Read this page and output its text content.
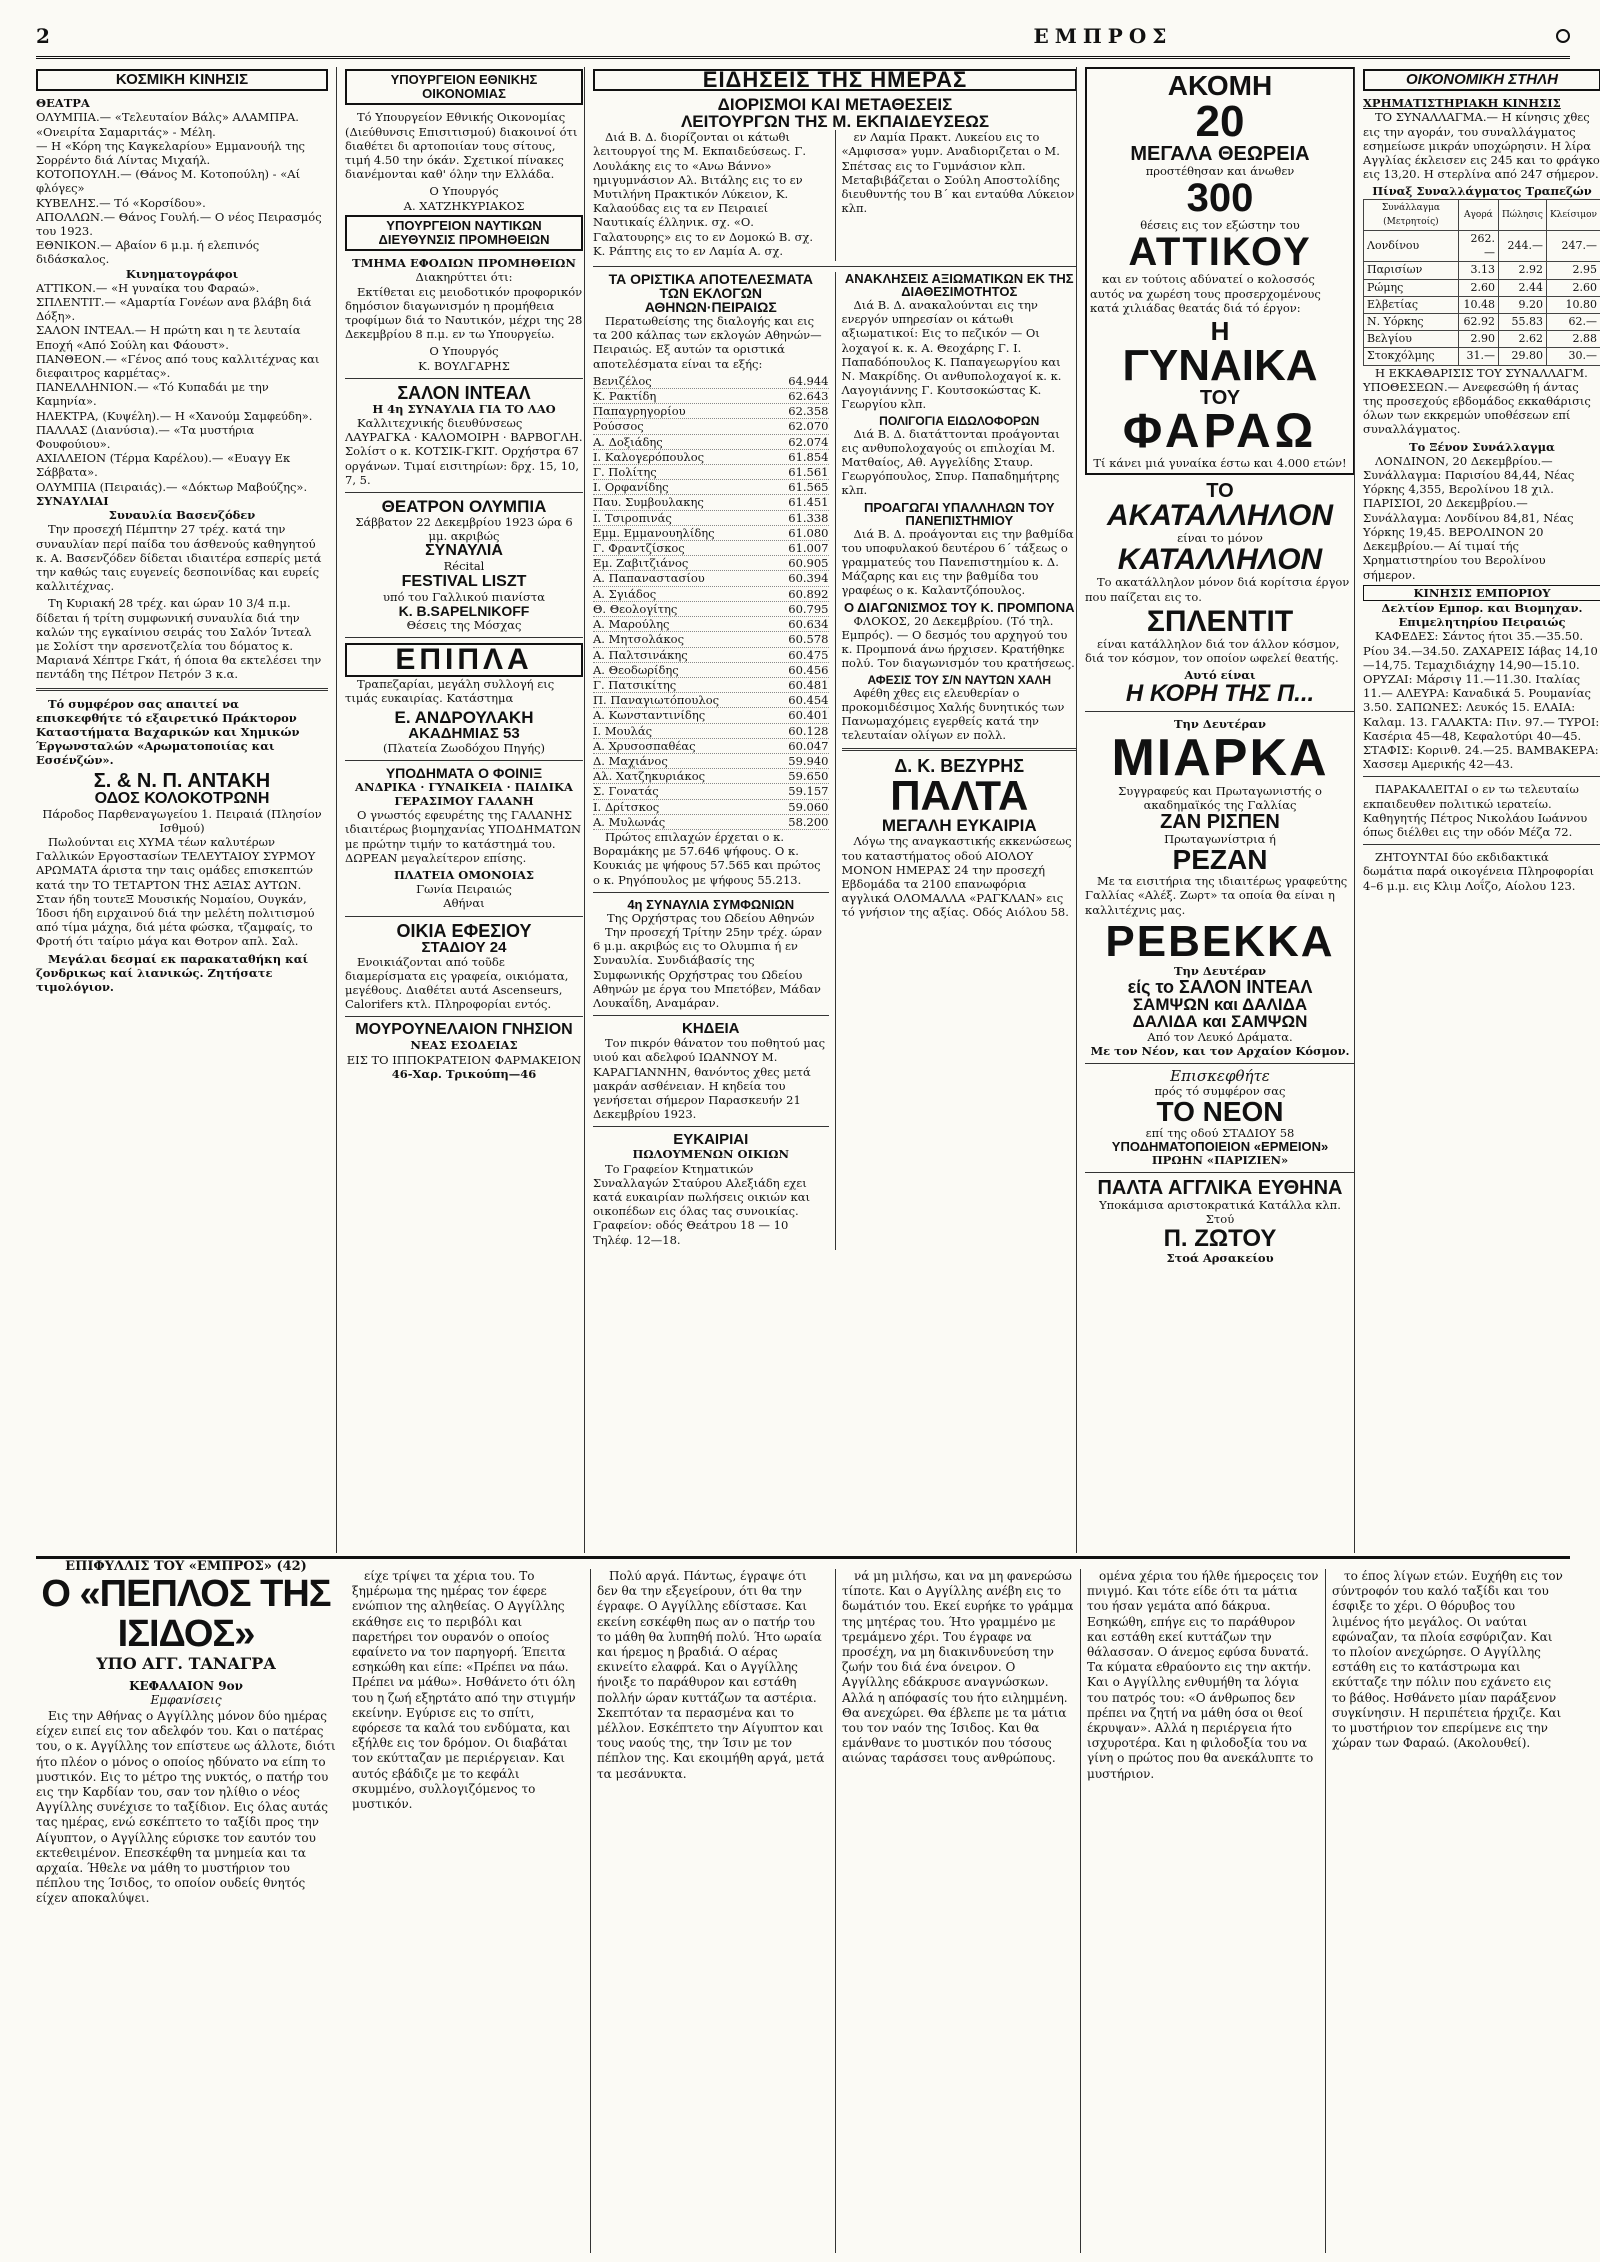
2	ΕΜΠΡΟΣ
ΚΟΣΜΙΚΗ ΚΙΝΗΣΙΣ
ΘΕΑΤΡΑ
ΟΛΥΜΠΙΑ.— «Τελευταίον Βάλς» ΑΛΑΜΠΡΑ. «Ονειρίτα Σαμαριτάς» - Μέλη.
— Η «Κόρη της Καγκελαρίου» Εμμανουήλ της Σορρέντο διά Λίντας Μιχαήλ.
ΚΟΤΟΠΟΥΛΗ.— (Θάνος Μ. Κοτοπούλη) - «Αί φλόγες»
ΚΥΒΕΛΗΣ.— Τό «Κορσίδου».
ΑΠΟΛΛΩΝ.— Θάνος Γουλή.— Ο νέος Πειρασμός του 1923.
ΕΘΝΙΚΟΝ.— Αβαίον 6 μ.μ. ή ελεπινός διδάσκαλος.
Κινηματογράφοι
ΑΤΤΙΚΟΝ.— «Η γυναίκα του Φαραώ».
ΣΠΛΕΝΤΙΤ.— «Αμαρτία Γονέων ανα βλάβη διά Δόξη».
ΣΑΛΟΝ ΙΝΤΕΑΛ.— Η πρώτη και η τε λευταία Εποχή «Από Σούλη και Φάουστ».
ΠΑΝΘΕΟΝ.— «Γένος από τους καλλιτέχνας και διεφαιτρος καρμέτας».
ΠΑΝΕΛΛΗΝΙΟΝ.— «Τό Κυπαδάι με την Καμηνία».
ΗΛΕΚΤΡΑ, (Κυψέλη).— Η «Χανούμ Σαμφεύδη».
ΠΑΛΛΑΣ (Διανύσια).— «Τα μυστήρια Φουφούιου».
ΑΧΙΛΛΕΙΟΝ (Τέρμα Καρέλου).— «Ευαγγ Εκ Σάββατα».
ΟΛΥΜΠΙΑ (Πειραιάς).— «Δόκτωρ Μαβούζης».
ΣΥΝΑΥΛΙΑΙ
Συναυλία Βασενζόδεν

Την προσεχή Πέμπτην 27 τρέχ. κατά την συναυλίαν περί παίδα του άσθενούς καθηγητού κ. Α. Βασενζόδεν δίδεται ιδιαιτέρα εσπερίς μετά την καθώς ταις ευγενείς δεσποινίδας και ευρείς καλλιτέχνας.

Τη Κυριακή 28 τρέχ. και ώραν 10 3/4 π.μ. δίδεται ή τρίτη συμφωνική συναυλία διά την καλών της εγκαίνιου σειράς του Σαλόν Ίντεαλ με Σολίστ την αρσενοτζελία του δόματος κ. Μαριανά Χέπτρε Γκάτ, ή όποια θα εκτελέσει την πεντάδη της Πέτρον Πετρόν 3 κ.α.

Τό συμφέρον σας απαιτεί να επισκεφθήτε τό εξαιρετικό Πράκτορον Καταστήματα Βαχαρικών και Χημικών Έργωνσταλών «Αρωματοποιίας και Εσσένζών».

Σ. & Ν. Π. ΑΝΤΑΚΗ
ΟΔΟΣ ΚΟΛΟΚΟΤΡΩΝΗ
Πάροδος Παρθεναγωγείου 1. Πειραιά (Πλησίον Ισθμού)

Πωλούνται εις ΧΥΜΑ τέων καλυτέρων Γαλλικών Εργοστασίων ΤΕΛΕΥΤΑΙΟΥ ΣΥΡΜΟΥ ΑΡΩΜΑΤΑ άριστα την ταις ομάδες επισκεπτών κατά την ΤΟ ΤΕΤΑΡΤΟΝ ΤΗΣ ΑΞΙΑΣ ΑΥΤΩΝ. Σταν ήδη τουτεΞ Μουσικής Νομαίου, Ουγκάν, Ίδοσι ήδη ειρχαινού διά την μελέτη πολιτισμού από τίμα μάχηα, διά μέτα φώσκα, τζαμφαίς, το Φροτή ότι ταίριο μάγα και Θοτρον απλ. Σαλ.

Μεγάλαι δεσμαί εκ παρακαταθήκη καί ζονδρικως καί λιανικώς. Ζητήσατε τιμολόγιον.

ΥΠΟΥΡΓΕΙΟΝ ΕΘΝΙΚΗΣ ΟΙΚΟΝΟΜΙΑΣ

Τό Υπουργείον Εθνικής Οικονομίας (Διεύθυνσις Επισιτισμού) διακοινοί ότι διαθέτει δι αρτοποιίαν τους σίτους, τιμή 4.50 την όκάν. Σχετικοί πίνακες διανέμονται καθ' όλην την Ελλάδα.

Ο Υπουργός
Α. ΧΑΤΖΗΚΥΡΙΑΚΟΣ
ΥΠΟΥΡΓΕΙΟΝ ΝΑΥΤΙΚΩΝ ΔΙΕΥΘΥΝΣΙΣ ΠΡΟΜΗΘΕΙΩΝ
ΤΜΗΜΑ ΕΦΟΔΙΩΝ ΠΡΟΜΗΘΕΙΩΝ
Διακηρύττει ότι:

Εκτίθεται εις μειοδοτικόν προφορικόν δημόσιον διαγωνισμόν η προμήθεια τροφίμων διά το Ναυτικόν, μέχρι της 28 Δεκεμβρίου 8 π.μ. εν τω Υπουργείω.

Ο Υπουργός
Κ. ΒΟΥΛΓΑΡΗΣ
ΣΑΛΟΝ ΙΝΤΕΑΛ
Η 4η ΣΥΝΑΥΛΙΑ ΓΙΑ ΤΟ ΛΑΟ

Καλλιτεχνικής διευθύνσεως ΛΑΥΡΑΓΚΑ · ΚΑΛΟΜΟΙΡΗ · ΒΑΡΒΟΓΛΗ. Σολίστ ο κ. ΚΟΤΣΙΚ-ΓΚΙΤ. Ορχήστρα 67 οργάνων. Τιμαί εισιτηρίων: δρχ. 15, 10, 7, 5.

ΘΕΑΤΡΟΝ ΟΛΥΜΠΙΑ
Σάββατον 22 Δεκεμβρίου 1923 ώρα 6 μμ. ακριβώς
ΣΥΝΑΥΛΙΑ
Récital
FESTIVAL LISZT
υπό του Γαλλικού πιανίστα
Κ. B.SAPELNIKOFF
Θέσεις της Μόσχας
ΕΠΙΠΛΑ

Τραπεζαρίαι, μεγάλη συλλογή εις τιμάς ευκαιρίας. Κατάστημα

Ε. ΑΝΔΡΟΥΛΑΚΗ
ΑΚΑΔΗΜΙΑΣ 53
(Πλατεία Ζωοδόχου Πηγής)
ΥΠΟΔΗΜΑΤΑ Ο ΦΟΙΝΙΞ
ΑΝΔΡΙΚΑ · ΓΥΝΑΙΚΕΙΑ · ΠΑΙΔΙΚΑ
ΓΕΡΑΣΙΜΟΥ ΓΑΛΑΝΗ

Ο γνωστός εφευρέτης της ΓΑΛΑΝΗΣ ιδιαιτέρως βιομηχανίας ΥΠΟΔΗΜΑΤΩΝ με πρώτην τιμήν το κατάστημά του. ΔΩΡΕΑΝ μεγαλείτερον επίσης.

ΠΛΑΤΕΙΑ ΟΜΟΝΟΙΑΣ
Γωνία Πειραιώς
Αθήναι
ΟΙΚΙΑ ΕΦΕΣΙΟΥ
ΣΤΑΔΙΟΥ 24

Ενοικιάζονται από τοῦδε διαμερίσματα εις γραφεία, οικιόματα, μεγέθους. Διαθέτει αυτά Ascenseurs, Calorifers κτλ. Πληροφορίαι εντός.

ΜΟΥΡΟΥΝΕΛΑΙΟΝ ΓΝΗΣΙΟΝ
ΝΕΑΣ ΕΣΟΔΕΙΑΣ
ΕΙΣ ΤΟ ΙΠΠΟΚΡΑΤΕΙΟΝ ΦΑΡΜΑΚΕΙΟΝ
46-Χαρ. Τρικούπη—46
ΕΙΔΗΣΕΙΣ ΤΗΣ ΗΜΕΡΑΣ
ΔΙΟΡΙΣΜΟΙ ΚΑΙ ΜΕΤΑΘΕΣΕΙΣ
ΛΕΙΤΟΥΡΓΩΝ ΤΗΣ Μ. ΕΚΠΑΙΔΕΥΣΕΩΣ

Διά Β. Δ. διορίζονται οι κάτωθι λειτουργοί της Μ. Εκπαιδεύσεως. Γ. Λουλάκης εις το «Ανω Βάννο» ημιγυμνάσιον Αλ. Βιτάλης εις το εν Μυτιλήνη Πρακτικόν Λύκειον, Κ. Καλαούδας εις τα εν Πειραιεί Ναυτικαίς έλληνικ. σχ. «Ο. Γαλατουρης» εις το εν Δομοκώ Β. σχ. Κ. Ράπτης εις το εν Λαμία Α. σχ.

εν Λαμία Πρακτ. Λυκείου εις το «Αμφισσα» γυμν. Αναδιοριζεται ο Μ. Σπέτσας εις το Γυμνάσιον κλπ. Μεταβιβάζεται ο Σούλη Αποστολίδης διευθυντής του Β΄ και ενταύθα Λύκειον κλπ.

ΤΑ ΟΡΙΣΤΙΚΑ ΑΠΟΤΕΛΕΣΜΑΤΑ ΤΩΝ ΕΚΛΟΓΩΝ ΑΘΗΝΩΝ·ΠΕΙΡΑΙΩΣ

Περατωθείσης της διαλογής και εις τα 200 κάλπας των εκλογών Αθηνών—Πειραιώς. Εξ αυτών τα οριστικά αποτελέσματα είναι τα εξής:

Βενιζέλος	64.944
Κ. Ρακτίδη	62.643
Παπαγρηγορίου	62.358
Ρούσσος	62.070
Α. Δοξιάδης	62.074
Ι. Καλογερόπουλος	61.854
Γ. Πολίτης	61.561
Ι. Ορφανίδης	61.565
Παυ. Συμβουλακης	61.451
Ι. Τσιροπινάς	61.338
Εμμ. Εμμανουηλίδης	61.080
Γ. Φραντζίσκος	61.007
Εμ. Ζαβιτζιάνος	60.905
Α. Παπαναστασίου	60.394
Α. Σγιάδος	60.892
Θ. Θεολογίτης	60.795
Α. Μαρούλης	60.634
Α. Μητσολάκος	60.578
Α. Παλτσινάκης	60.475
Α. Θεοδωρίδης	60.456
Γ. Πατσικίτης	60.481
Π. Παναγιωτόπουλος	60.454
Α. Κωνσταντινίδης	60.401
Ι. Μουλάς	60.128
Α. Χρυσοσπαθέας	60.047
Δ. Μαχιάνος	59.940
Αλ. Χατζηκυριάκος	59.650
Σ. Γονατάς	59.157
Ι. Δρίτσκος	59.060
Α. Μυλωνάς	58.200

Πρώτος επιλαχών έρχεται ο κ. Βοραμάκης με 57.646 ψήφους. Ο κ. Κουκιάς με ψήφους 57.565 και πρώτος ο κ. Ρηγόπουλος με ψήφους 55.213.

4η ΣΥΝΑΥΛΙΑ ΣΥΜΦΩΝΙΩΝ
Της Ορχήστρας του Ωδείου Αθηνών

Την προσεχή Τρίτην 25ην τρέχ. ώραν 6 μ.μ. ακριβώς εις το Ολυμπια ή εν Συναυλία. Συνδιάβασίς της Συμφωνικής Ορχήστρας του Ωδείου Αθηνών με έργα του Μπετόβεν, Μάδαν Λουκαΐδη, Αναμάραν.

ΚΗΔΕΙΑ

Τον πικρόν θάνατον του ποθητού μας υιού και αδελφού ΙΩΑΝΝΟΥ Μ. ΚΑΡΑΓΙΑΝΝΗΝ, θανόντος χθες μετά μακράν ασθένειαν. Η κηδεία του γενήσεται σήμερον Παρασκευήν 21 Δεκεμβρίου 1923.

ΕΥΚΑΙΡΙΑΙ
ΠΩΛΟΥΜΕΝΩΝ ΟΙΚΙΩΝ

Το Γραφείον Κτηματικών Συναλλαγών Σταύρου Αλεξιάδη εχει κατά ευκαιρίαν πωλήσεις οικιών και οικοπέδων εις όλας τας συνοικίας. Γραφείον: οδός Θεάτρου 18 — 10 Τηλέφ. 12—18.

ΑΝΑΚΛΗΣΕΙΣ ΑΞΙΩΜΑΤΙΚΩΝ ΕΚ ΤΗΣ ΔΙΑΘΕΣΙΜΟΤΗΤΟΣ

Διά Β. Δ. ανακαλούνται εις την ενεργόν υπηρεσίαν οι κάτωθι αξιωματικοί: Εις το πεζικόν — Οι λοχαγοί κ. κ. Α. Θεοχάρης Γ. Ι. Παπαδόπουλος Κ. Παπαγεωργίου και Ν. Μακρίδης. Οι ανθυπολοχαγοί κ. κ. Λαγογιάννης Γ. Κουτσοκώστας Κ. Γεωργίου κλπ.

ΠΟΛΙΓΟΓΙΑ ΕΙΔΩΛΟΦΟΡΩΝ

Διά Β. Δ. διατάττονται προάγονται εις ανθυπολοχαγούς οι επιλοχίαι Μ. Ματθαίος, Αθ. Αγγελίδης Σταυρ. Γεωργόπουλος, Σπυρ. Παπαδημήτρης κλπ.

ΠΡΟΑΓΩΓΑΙ ΥΠΑΛΛΗΛΩΝ ΤΟΥ ΠΑΝΕΠΙΣΤΗΜΙΟΥ

Διά Β. Δ. προάγονται εις την βαθμίδα του υποφυλακού δευτέρου 6΄ τάξεως ο γραμματεύς του Πανεπιστημίου κ. Δ. Μάζαρης και εις την βαθμίδα του γραφέως ο κ. Καλαντζόπουλος.

Ο ΔΙΑΓΩΝΙΣΜΟΣ ΤΟΥ Κ. ΠΡΟΜΠΟΝΑ

ΦΛΟΚΟΣ, 20 Δεκεμβρίου. (Τό τηλ. Εμπρός). — Ο δεσμός του αρχηγού του κ. Προμπονά άνω ήρχισεν. Κρατήθηκε πολύ. Τον διαγωνισμόν του κρατήσεως.

ΑΦΕΣΙΣ ΤΟΥ Σ/Ν ΝΑΥΤΩΝ ΧΑΛΗ

Αφέθη χθες εις ελευθερίαν ο προκομιδέσιμος Χαλής δυνητικός των Πανωμαχόμεις εγερθείς κατά την τελευταίαν ολίγων εν πολλ.

Δ. Κ. ΒΕΖΥΡΗΣ
ΠΑΛΤΑ
ΜΕΓΑΛΗ ΕΥΚΑΙΡΙΑ

Λόγω της αναγκαστικής εκκενώσεως του καταστήματος οδού ΑΙΟΛΟΥ ΜΟΝΟΝ ΗΜΕΡΑΣ 24 την προσεχή Εβδομάδα τα 2100 επανωφόρια αγγλικά ΟΛΟΜΑΛΛΑ «ΡΑΓΚΛΑΝ» εις τό γνήσιον της αξίας. Οδός Αιόλου 58.

ΑΚΟΜΗ
20
ΜΕΓΑΛΑ ΘΕΩΡΕΙΑ
προστέθησαν και άνωθεν
300
θέσεις εις τον εξώστην του
ΑΤΤΙΚΟΥ

και εν τούτοις αδύνατεί ο κολοσσός αυτός να χωρέση τους προσερχομένους κατά χιλιάδας θεατάς διά τό έργον:

Η
ΓΥΝΑΙΚΑ
ΤΟΥ
ΦΑΡΑΩ
Τί κάνει μιά γυναίκα έστω και 4.000 ετών!
ΤΟ
ΑΚΑΤΑΛΛΗΛΟΝ
είναι το μόνον
ΚΑΤΑΛΛΗΛΟΝ

Το ακατάλληλον μόνον διά κορίτσια έργον που παίζεται εις το.

ΣΠΛΕΝΤΙΤ

είναι κατάλληλον διά τον άλλον κόσμον, διά τον κόσμον, τον οποίον ωφελεί θεατής.

Αυτό είναι
Η ΚΟΡΗ ΤΗΣ Π...
Την Δευτέραν
ΜΙΑΡΚΑ
Συγγραφεύς και Πρωταγωνιστής ο ακαδημαϊκός της Γαλλίας
ΖΑΝ ΡΙΣΠΕΝ
Πρωταγωνίστρια ή
ΡΕΖΑΝ

Με τα εισιτήρια της ιδιαιτέρως γραφεύτης Γαλλίας «Αλέξ. Ζωρτ» τα οποία θα είναι η καλλιτέχνις μας.

ΡΕΒΕΚΚΑ
Την Δευτέραν
είς το ΣΑΛΟΝ ΙΝΤΕΑΛ
ΣΑΜΨΩΝ και ΔΑΛΙΔΑ
ΔΑΛΙΔΑ και ΣΑΜΨΩΝ
Από τον Λευκό Δράματα.
Με τον Νέον, και τον Αρχαίον Κόσμον.
Επισκεφθήτε
πρός τό συμφέρον σας
ΤΟ ΝΕΟΝ
επί της οδού ΣΤΑΔΙΟΥ 58
ΥΠΟΔΗΜΑΤΟΠΟΙΕΙΟΝ «ΕΡΜΕΙΟΝ»
ΠΡΩΗΝ «ΠΑΡΙΖΙΕΝ»
ΠΑΛΤΑ ΑΓΓΛΙΚΑ ΕΥΘΗΝΑ
Υποκάμισα αριστοκρατικά Κατάλλα κλπ.
Στού
Π. ΖΩΤΟΥ
Στοά Αρσακείου
ΟΙΚΟΝΟΜΙΚΗ ΣΤΗΛΗ
ΧΡΗΜΑΤΙΣΤΗΡΙΑΚΗ ΚΙΝΗΣΙΣ

ΤΟ ΣΥΝΑΛΛΑΓΜΑ.— Η κίνησις χθες εις την αγοράν, του συναλλάγματος εσημείωσε μικράν υποχώρησιν. Η λίρα Αγγλίας έκλεισεν εις 245 και το φράγκο εις 13,20. Η στερλίνα από 247 σήμερον.

Πίναξ Συναλλάγματος Τραπεζών
Συνάλλαγμα (Μετρητοίς)	Αγορά	Πώλησις	Κλείσιμον
Λονδίνου	262.—	244.—	247.—
Παρισίων	3.13	2.92	2.95
Ρώμης	2.60	2.44	2.60
Ελβετίας	10.48	9.20	10.80
Ν. Υόρκης	62.92	55.83	62.—
Βελγίου	2.90	2.62	2.88
Στοκχόλμης	31.—	29.80	30.—

Η ΕΚΚΑΘΑΡΙΣΙΣ ΤΟΥ ΣΥΝΑΛΛΑΓΜ. ΥΠΟΘΕΣΕΩΝ.— Ανεφεσώθη ή άντας της προσεχούς εβδομάδος εκκαθάρισις όλων των εκκρεμών υποθέσεων επί συναλλάγματος.

Το Ξένον Συνάλλαγμα

ΛΟΝΔΙΝΟΝ, 20 Δεκεμβρίου.— Συνάλλαγμα: Παρισίου 84,44, Νέας Υόρκης 4,355, Βερολίνου 18 χιλ. ΠΑΡΙΣΙΟΙ, 20 Δεκεμβρίου.— Συνάλλαγμα: Λονδίνου 84,81, Νέας Υόρκης 19,45. ΒΕΡΟΛΙΝΟΝ 20 Δεκεμβρίου.— Αί τιμαί τής Χρηματιστηρίου του Βερολίνου σήμερον.

ΚΙΝΗΣΙΣ ΕΜΠΟΡΙΟΥ
Δελτίον Εμπορ. και Βιομηχαν. Επιμελητηρίου Πειραιώς

ΚΑΦΕΔΕΣ: Σάντος ήτοι 35.—35.50. Ρίου 34.—34.50. ΖΑΧΑΡΕΙΣ Ιάβας 14,10—14,75. Τεμαχιδιάχηγ 14,90—15.10. ΟΡΥΖΑΙ: Μάρσιγ 11.—11.30. Ιταλίας 11.— ΑΛΕΥΡΑ: Καναδικά 5. Ρουμανίας 3.50. ΣΑΠΩΝΕΣ: Λευκός 15. ΕΛΑΙΑ: Καλαμ. 13. ΓΑΛΑΚΤΑ: Πιν. 97.— ΤΥΡΟΙ: Κασέρια 45—48, Κεφαλοτύρι 40—45. ΣΤΑΦΙΣ: Κορινθ. 24.—25. ΒΑΜΒΑΚΕΡΑ: Χασσεμ Αμερικής 42—43.

ΠΑΡΑΚΑΛΕΙΤΑΙ ο εν τω τελευταίω εκπαιδευθεν πολιτικώ ιερατείω. Καθηγητής Πέτρος Νικολάου Ιωάννου όπως διέλθει εις την οδόν Μέζα 72.

ΖΗΤΟΥΝΤΑΙ δύο εκδιδακτικά δωμάτια παρά οικογένεια Πληροφορίαι 4–6 μ.μ. εις Κλιμ Λοΐζο, Αίολου 123.

ΕΠΙΦΥΛΛΙΣ ΤΟΥ «ΕΜΠΡΟΣ» (42)
Ο «ΠΕΠΛΟΣ ΤΗΣ ΙΣΙΔΟΣ»
ΥΠΟ ΑΓΓ. ΤΑΝΑΓΡΑ
ΚΕΦΑΛΑΙΟΝ 9ον
Εμφανίσεις

Εις την Αθήνας ο Αγγίλλης μόνον δύο ημέρας είχεν ειπεί εις τον αδελφόν του. Και ο πατέρας του, ο κ. Αγγίλλης τον επίστευε ως άλλοτε, διότι ήτο πλέον ο μόνος ο οποίος ηδύνατο να είπη το μυστικόν. Εις το μέτρο της νυκτός, ο πατήρ του εις την Καρδίαν του, σαν τον ηλίθιο ο νέος Αγγίλλης συνέχισε το ταξίδιον. Εις όλας αυτάς τας ημέρας, ενώ εσκέπτετο το ταξίδι προς την Αίγυπτον, ο Αγγίλλης εύρισκε τον εαυτόν του εκτεθειμένον. Επεσκέφθη τα μνημεία και τα αρχαία. Ήθελε να μάθη το μυστήριον του πέπλου της Ίσιδος, το οποίον ουδείς θνητός είχεν αποκαλύψει.

είχε τρίψει τα χέρια του. Το ξημέρωμα της ημέρας τον έφερε ενώπιον της αληθείας. Ο Αγγίλλης εκάθησε εις το περιβόλι και παρετήρει τον ουρανόν ο οποίος εφαίνετο να τον παρηγορή. Έπειτα εσηκώθη και είπε: «Πρέπει να πάω. Πρέπει να μάθω». Ησθάνετο ότι όλη του η ζωή εξηρτάτο από την στιγμήν εκείνην. Εγύρισε εις το σπίτι, εφόρεσε τα καλά του ενδύματα, και εξήλθε εις τον δρόμον. Οι διαβάται τον εκύτταζαν με περιέργειαν. Και αυτός εβάδιζε με το κεφάλι σκυμμένο, συλλογιζόμενος το μυστικόν.

Πολύ αργά. Πάντως, έγραψε ότι δεν θα την εξεγείρουν, ότι θα την έγραφε. Ο Αγγίλλης εδίστασε. Και εκείνη εσκέφθη πως αν ο πατήρ του το μάθη θα λυπηθή πολύ. Ήτο ωραία και ήρεμος η βραδιά. Ο αέρας εκινείτο ελαφρά. Και ο Αγγίλλης ήνοιξε το παράθυρον και εστάθη πολλήν ώραν κυττάζων τα αστέρια. Σκεπτόταν τα περασμένα και το μέλλον. Εσκέπτετο την Αίγυπτον και τους ναούς της, την Ίσιν με τον πέπλον της. Και εκοιμήθη αργά, μετά τα μεσάνυκτα.

νά μη μιλήσω, και να μη φανερώσω τίποτε. Και ο Αγγίλλης ανέβη εις το δωμάτιόν του. Εκεί ευρήκε το γράμμα της μητέρας του. Ήτο γραμμένο με τρεμάμενο χέρι. Του έγραφε να προσέχη, να μη διακινδυνεύση την ζωήν του διά ένα όνειρον. Ο Αγγίλλης εδάκρυσε αναγνώσκων. Αλλά η απόφασίς του ήτο ειλημμένη. Θα ανεχώρει. Θα έβλεπε με τα μάτια του τον ναόν της Ίσιδος. Και θα εμάνθανε το μυστικόν που τόσους αιώνας ταράσσει τους ανθρώπους.

ομένα χέρια του ήλθε ήμεροςεις τον πνιγμό. Και τότε είδε ότι τα μάτια του ήσαν γεμάτα από δάκρυα. Εσηκώθη, επήγε εις το παράθυρον και εστάθη εκεί κυττάζων την θάλασσαν. Ο άνεμος εφύσα δυνατά. Τα κύματα εθραύοντο εις την ακτήν. Και ο Αγγίλλης ενθυμήθη τα λόγια του πατρός του: «Ο άνθρωπος δεν πρέπει να ζητή να μάθη όσα οι θεοί έκρυψαν». Αλλά η περιέργεια ήτο ισχυροτέρα. Και η φιλοδοξία του να γίνη ο πρώτος που θα ανεκάλυπτε το μυστήριον.

το έπος λίγων ετών. Ευχήθη εις τον σύντροφόν του καλό ταξίδι και του έσφιξε το χέρι. Ο θόρυβος του λιμένος ήτο μεγάλος. Οι ναύται εφώναζαν, τα πλοία εσφύριζαν. Και το πλοίον ανεχώρησε. Ο Αγγίλλης εστάθη εις το κατάστρωμα και εκύτταζε την πόλιν που εχάνετο εις το βάθος. Ησθάνετο μίαν παράξενον συγκίνησιν. Η περιπέτεια ήρχιζε. Και το μυστήριον τον επερίμενε εις την χώραν των Φαραώ. (Ακολουθεί).
